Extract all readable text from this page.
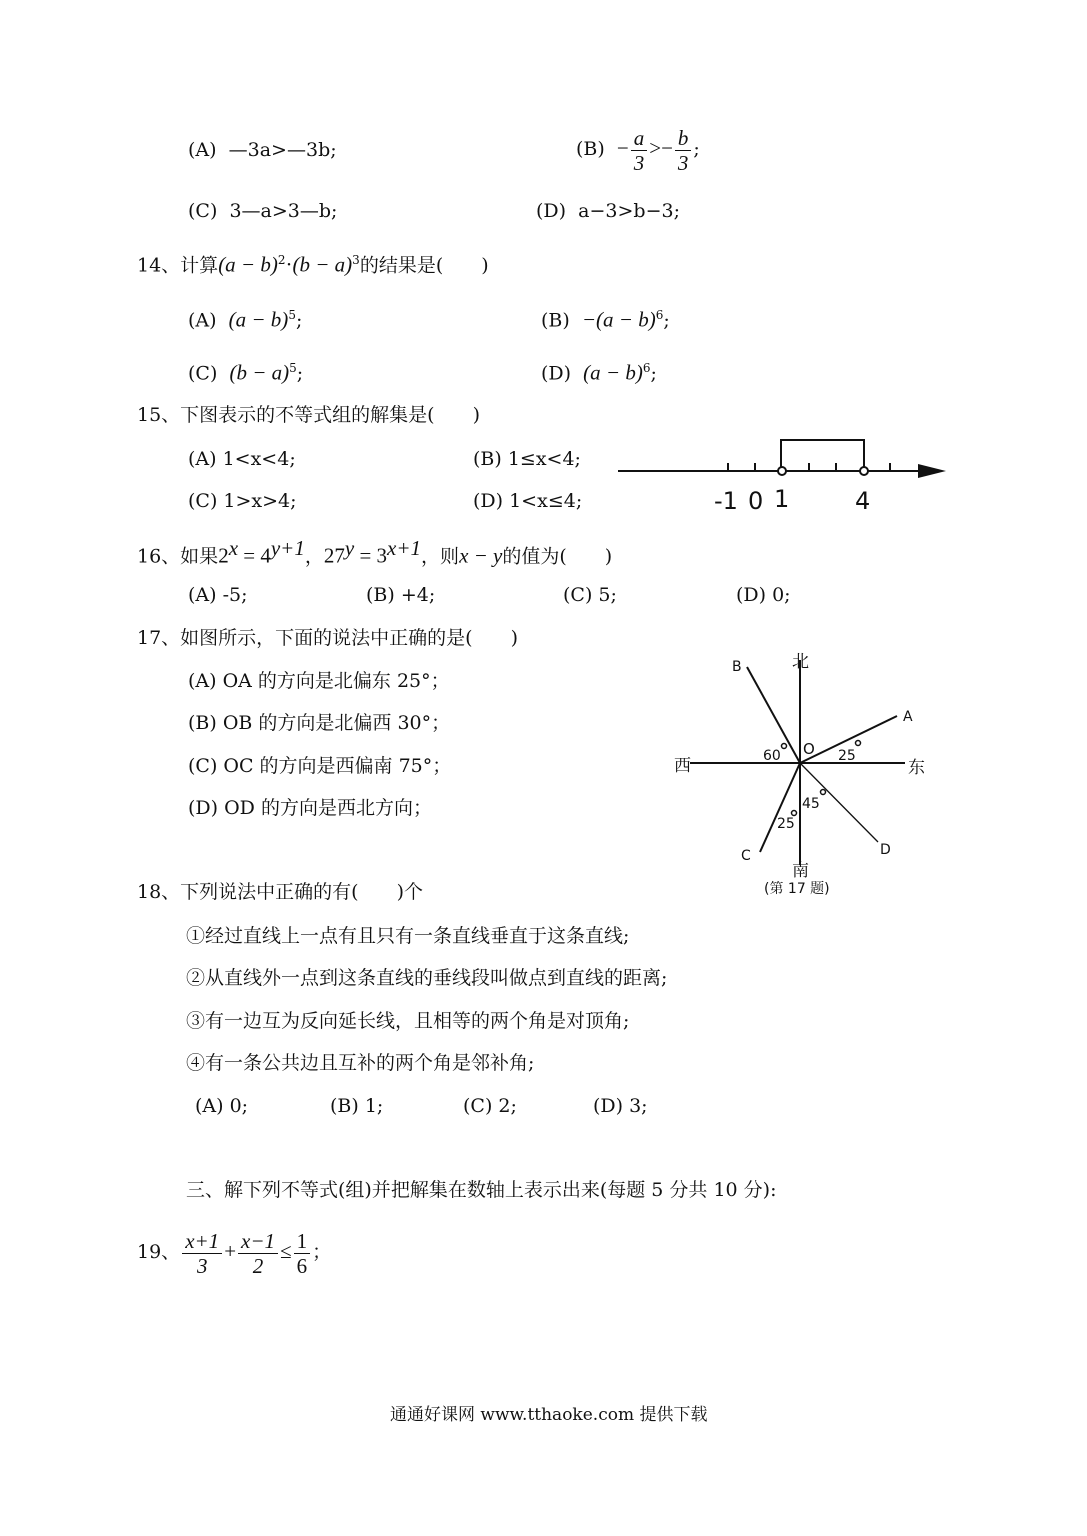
(A) —3a>—3b;	$(B) - \frac{a}{3} >- \frac{b}{3}$ ;
(C) 3—a>3—b;	(D) a−3>b−3;
14、计算$(a - b)^2\cdot(b - a)^3$的结果是(　　)
(A) $(a - b)^5$;	$(B) -(a - b)^6$;
(C) $(b - a)^5$;	(D) $(a - b)^6$;
15、下图表示的不等式组的解集是(　　)
(A) 1<x<4;	(B) 1≤x<4;
(C) 1>x>4;	(D) 1<x≤4;	-1 0 1	4
16、如果$2^x = 4^{y+1}$，$27^y = 3^{x+1}$，则x − y的值为(　　)
(A) -5;	(B) +4;	(C) 5;	(D) 0;
17、如图所示，下面的说法中正确的是(　　)
(A) OA 的方向是北偏东 25°；
(B) OB 的方向是北偏西 30°；
(C) OC 的方向是西偏南 75°；
(D) OD 的方向是西北方向；
北
南
西	东
B
A
C	D
O
60	25
45
25
(第 17 题)
18、下列说法中正确的有(　　)个
①经过直线上一点有且只有一条直线垂直于这条直线;
②从直线外一点到这条直线的垂线段叫做点到直线的距离;
③有一边互为反向延长线，且相等的两个角是对顶角;
④有一条公共边且互补的两个角是邻补角;
(A) 0;	(B) 1;	(C) 2;	(D) 3;
三、解下列不等式(组)并把解集在数轴上表示出来(每题 5 分共 10 分):
19、 $\frac{x+1}{3} + \frac{x-1}{2} \le \frac{1}{6}$ ；
通通好课网 www.tthaoke.com 提供下载
